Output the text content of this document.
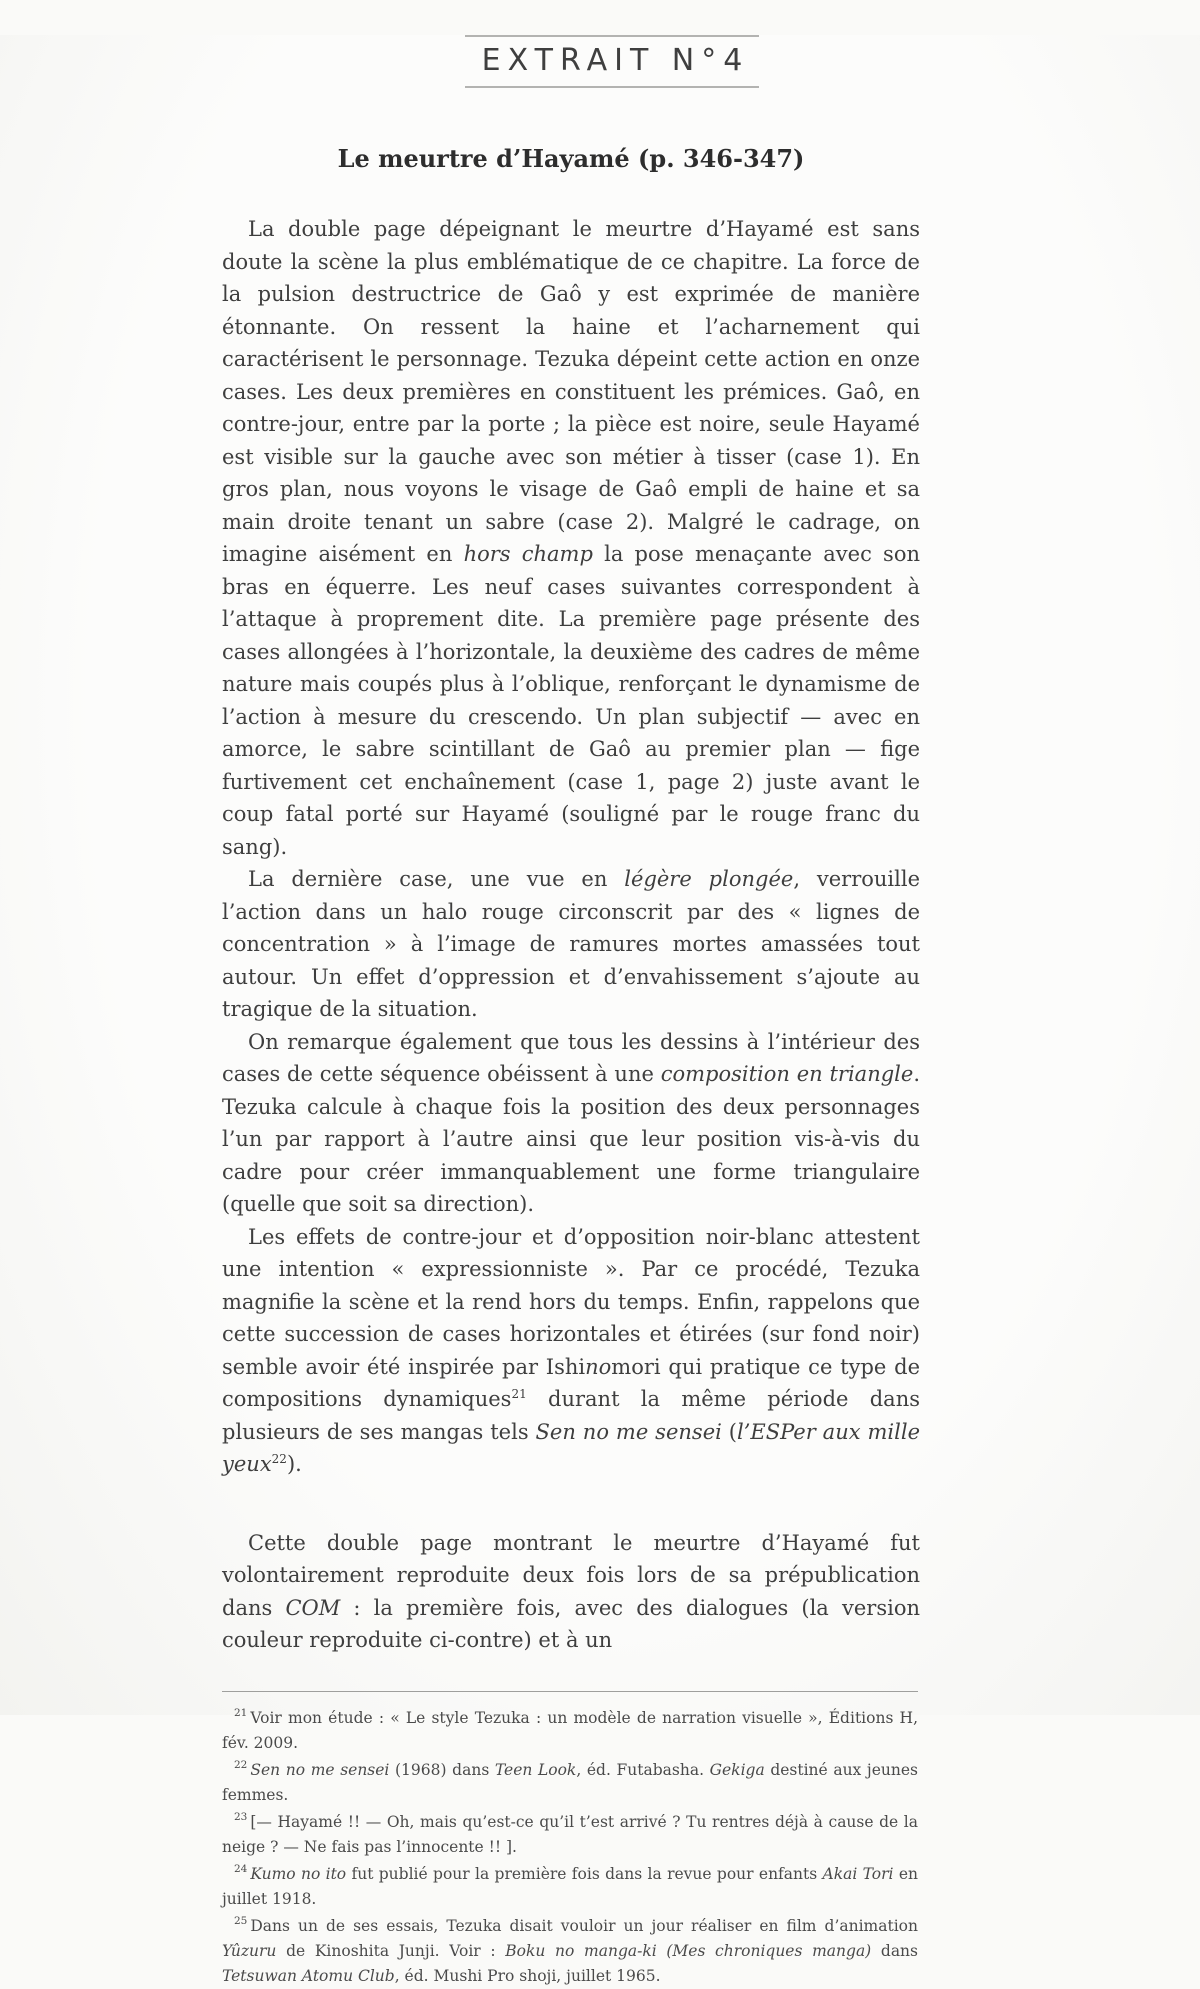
EXTRAIT N°4
Le meurtre d’Hayamé (p. 346-347)

La double page dépeignant le meurtre d’Hayamé est sans doute la scène la plus emblématique de ce chapitre. La force de la pulsion destructrice de Gaô y est exprimée de manière étonnante. On ressent la haine et l’acharnement qui caractérisent le personnage. Tezuka dépeint cette action en onze cases. Les deux premières en constituent les prémices. Gaô, en contre-jour, entre par la porte ; la pièce est noire, seule Hayamé est visible sur la gauche avec son métier à tisser (case 1). En gros plan, nous voyons le visage de Gaô empli de haine et sa main droite tenant un sabre (case 2). Malgré le cadrage, on imagine aisément en hors champ la pose menaçante avec son bras en équerre. Les neuf cases suivantes correspondent à l’attaque à proprement dite. La première page présente des cases allongées à l’horizontale, la deuxième des cadres de même nature mais coupés plus à l’oblique, renforçant le dynamisme de l’action à mesure du crescendo. Un plan subjectif — avec en amorce, le sabre scintillant de Gaô au premier plan — fige furtivement cet enchaînement (case 1, page 2) juste avant le coup fatal porté sur Hayamé (souligné par le rouge franc du sang).

La dernière case, une vue en légère plongée, verrouille l’action dans un halo rouge circonscrit par des « lignes de concentration » à l’image de ramures mortes amassées tout autour. Un effet d’oppression et d’envahissement s’ajoute au tragique de la situation.

On remarque également que tous les dessins à l’intérieur des cases de cette séquence obéissent à une composition en triangle. Tezuka calcule à chaque fois la position des deux personnages l’un par rapport à l’autre ainsi que leur position vis-à-vis du cadre pour créer immanquablement une forme triangulaire (quelle que soit sa direction).

Les effets de contre-jour et d’opposition noir-blanc attestent une intention « expressionniste ». Par ce procédé, Tezuka magnifie la scène et la rend hors du temps. Enfin, rappelons que cette succession de cases horizontales et étirées (sur fond noir) semble avoir été inspirée par Ishinomori qui pratique ce type de compositions dynamiques$^{21}$ durant la même période dans plusieurs de ses mangas tels Sen no me sensei (l’ESPer aux mille yeux$^{22}$).

Cette double page montrant le meurtre d’Hayamé fut volontairement reproduite deux fois lors de sa prépublication dans COM : la première fois, avec des dialogues (la version couleur reproduite ci-contre) et à un

$^{21}$ Voir mon étude : « Le style Tezuka : un modèle de narration visuelle », Éditions H, fév. 2009.

$^{22}$ Sen no me sensei (1968) dans Teen Look, éd. Futabasha. Gekiga destiné aux jeunes femmes.

$^{23}$ [— Hayamé !! — Oh, mais qu’est-ce qu’il t’est arrivé ? Tu rentres déjà à cause de la neige ? — Ne fais pas l’innocente !! ].

$^{24}$ Kumo no ito fut publié pour la première fois dans la revue pour enfants Akai Tori en juillet 1918.

$^{25}$ Dans un de ses essais, Tezuka disait vouloir un jour réaliser en film d’animation Yûzuru de Kinoshita Junji. Voir : Boku no manga-ki (Mes chroniques manga) dans Tetsuwan Atomu Club, éd. Mushi Pro shoji, juillet 1965.
